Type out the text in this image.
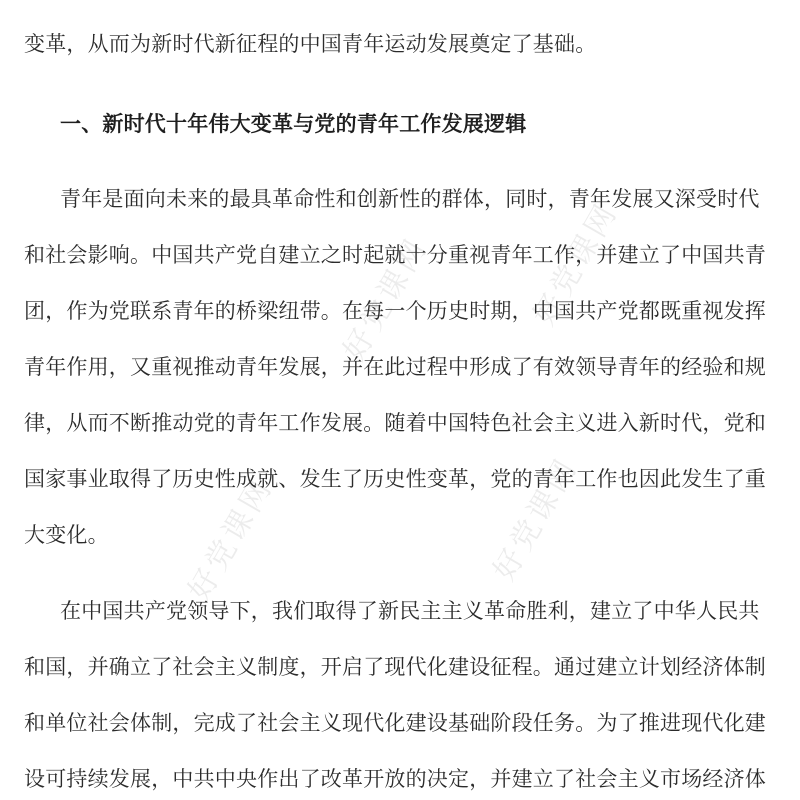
好党课网
好党课网
好党课网
好党课网
变革，从而为新时代新征程的中国青年运动发展奠定了基础。
一、新时代十年伟大变革与党的青年工作发展逻辑
青年是面向未来的最具革命性和创新性的群体，同时，青年发展又深受时代
和社会影响。中国共产党自建立之时起就十分重视青年工作，并建立了中国共青
团，作为党联系青年的桥梁纽带。在每一个历史时期，中国共产党都既重视发挥
青年作用，又重视推动青年发展，并在此过程中形成了有效领导青年的经验和规
律，从而不断推动党的青年工作发展。随着中国特色社会主义进入新时代，党和
国家事业取得了历史性成就、发生了历史性变革，党的青年工作也因此发生了重
大变化。
在中国共产党领导下，我们取得了新民主主义革命胜利，建立了中华人民共
和国，并确立了社会主义制度，开启了现代化建设征程。通过建立计划经济体制
和单位社会体制，完成了社会主义现代化建设基础阶段任务。为了推进现代化建
设可持续发展，中共中央作出了改革开放的决定，并建立了社会主义市场经济体
